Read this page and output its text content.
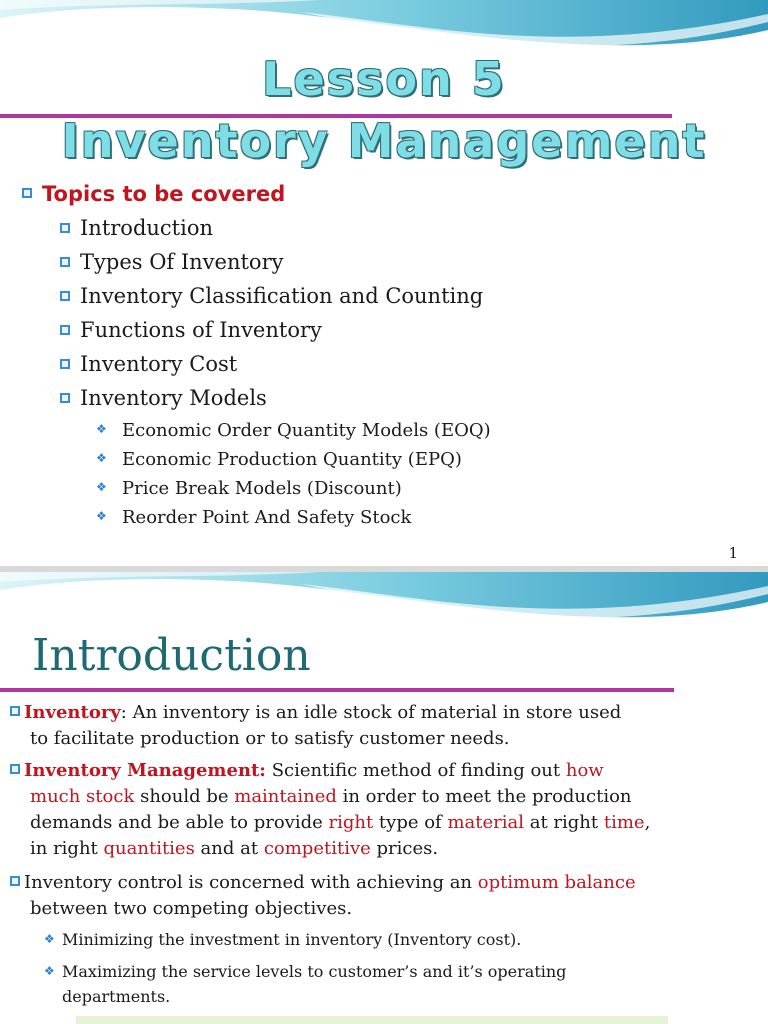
Lesson 5
Inventory Management
Topics to be covered
Introduction
Types Of Inventory
Inventory Classification and Counting
Functions of Inventory
Inventory Cost
Inventory Models
❖ Economic Order Quantity Models (EOQ)
❖ Economic Production Quantity (EPQ)
❖ Price Break Models (Discount)
❖ Reorder Point And Safety Stock
1
Introduction
Inventory: An inventory is an idle stock of material in store used
to facilitate production or to satisfy customer needs.
Inventory Management: Scientific method of finding out how
much stock should be maintained in order to meet the production
demands and be able to provide right type of material at right time,
in right quantities and at competitive prices.
Inventory control is concerned with achieving an optimum balance
between two competing objectives.
❖ Minimizing the investment in inventory (Inventory cost).
❖ Maximizing the service levels to customer’s and it’s operating
departments.
